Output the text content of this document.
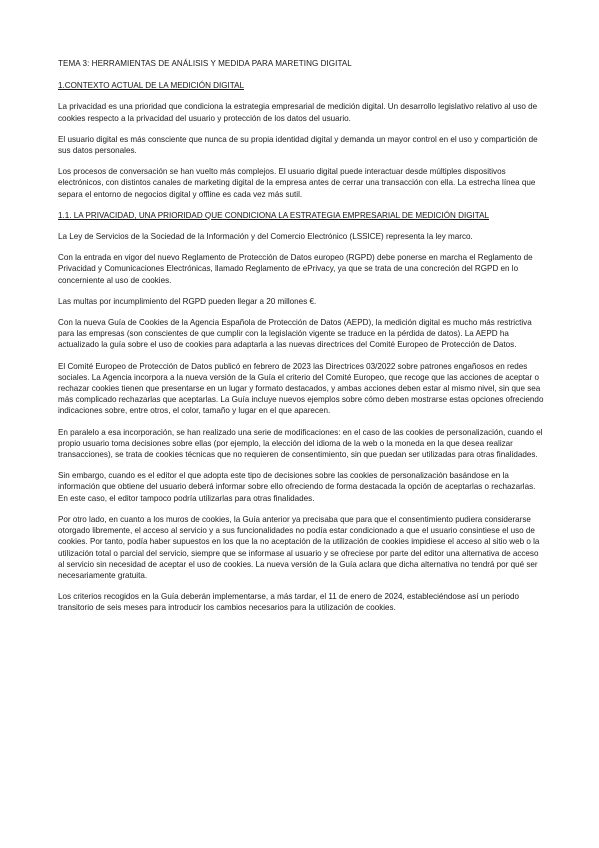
TEMA 3: HERRAMIENTAS DE ANÁLISIS Y MEDIDA PARA MARETING DIGITAL
1.CONTEXTO ACTUAL DE LA MEDICIÓN DIGITAL

La privacidad es una prioridad que condiciona la estrategia empresarial de medición digital. Un desarrollo legislativo relativo al uso de cookies respecto a la privacidad del usuario y protección de los datos del usuario.

El usuario digital es más consciente que nunca de su propia identidad digital y demanda un mayor control en el uso y compartición de sus datos personales.

Los procesos de conversación se han vuelto más complejos. El usuario digital puede interactuar desde múltiples dispositivos electrónicos, con distintos canales de marketing digital de la empresa antes de cerrar una transacción con ella. La estrecha línea que separa el entorno de negocios digital y offline es cada vez más sutil.

1.1. LA PRIVACIDAD, UNA PRIORIDAD QUE CONDICIONA LA ESTRATEGIA EMPRESARIAL DE MEDICIÓN DIGITAL

La Ley de Servicios de la Sociedad de la Información y del Comercio Electrónico (LSSICE) representa la ley marco.

Con la entrada en vigor del nuevo Reglamento de Protección de Datos europeo (RGPD) debe ponerse en marcha el Reglamento de Privacidad y Comunicaciones Electrónicas, llamado Reglamento de ePrivacy, ya que se trata de una concreción del RGPD en lo concerniente al uso de cookies.

Las multas por incumplimiento del RGPD pueden llegar a 20 millones €.

Con la nueva Guía de Cookies de la Agencia Española de Protección de Datos (AEPD), la medición digital es mucho más restrictiva para las empresas (son conscientes de que cumplir con la legislación vigente se traduce en la pérdida de datos). La AEPD ha actualizado la guía sobre el uso de cookies para adaptarla a las nuevas directrices del Comité Europeo de Protección de Datos.

El Comité Europeo de Protección de Datos publicó en febrero de 2023 las Directrices 03/2022 sobre patrones engañosos en redes sociales. La Agencia incorpora a la nueva versión de la Guía el criterio del Comité Europeo, que recoge que las acciones de aceptar o rechazar cookies tienen que presentarse en un lugar y formato destacados, y ambas acciones deben estar al mismo nivel, sin que sea más complicado rechazarlas que aceptarlas. La Guía incluye nuevos ejemplos sobre cómo deben mostrarse estas opciones ofreciendo indicaciones sobre, entre otros, el color, tamaño y lugar en el que aparecen.

En paralelo a esa incorporación, se han realizado una serie de modificaciones: en el caso de las cookies de personalización, cuando el propio usuario toma decisiones sobre ellas (por ejemplo, la elección del idioma de la web o la moneda en la que desea realizar transacciones), se trata de cookies técnicas que no requieren de consentimiento, sin que puedan ser utilizadas para otras finalidades.

Sin embargo, cuando es el editor el que adopta este tipo de decisiones sobre las cookies de personalización basándose en la información que obtiene del usuario deberá informar sobre ello ofreciendo de forma destacada la opción de aceptarlas o rechazarlas. En este caso, el editor tampoco podría utilizarlas para otras finalidades.

Por otro lado, en cuanto a los muros de cookies, la Guía anterior ya precisaba que para que el consentimiento pudiera considerarse otorgado libremente, el acceso al servicio y a sus funcionalidades no podía estar condicionado a que el usuario consintiese el uso de cookies. Por tanto, podía haber supuestos en los que la no aceptación de la utilización de cookies impidiese el acceso al sitio web o la utilización total o parcial del servicio, siempre que se informase al usuario y se ofreciese por parte del editor una alternativa de acceso al servicio sin necesidad de aceptar el uso de cookies. La nueva versión de la Guía aclara que dicha alternativa no tendrá por qué ser necesariamente gratuita.

Los criterios recogidos en la Guía deberán implementarse, a más tardar, el 11 de enero de 2024, estableciéndose así un periodo transitorio de seis meses para introducir los cambios necesarios para la utilización de cookies.
